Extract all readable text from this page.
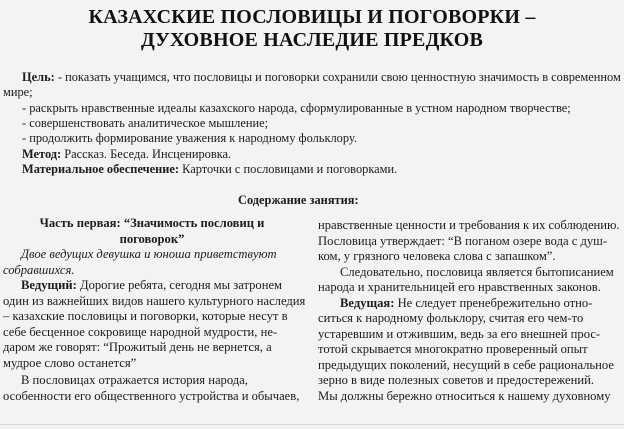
КАЗАХСКИЕ ПОСЛОВИЦЫ И ПОГОВОРКИ –
ДУХОВНОЕ НАСЛЕДИЕ ПРЕДКОВ
Цель: - показать учащимся, что пословицы и поговорки сохранили свою ценностную значимость в современном
мире;
- раскрыть нравственные идеалы казахского народа, сформулированные в устном народном творчестве;
- совершенствовать аналитическое мышление;
- продолжить формирование уважения к народному фольклору.
Метод: Рассказ. Беседа. Инсценировка.
Материальное обеспечение: Карточки с пословицами и поговорками.
Содержание занятия:
Часть первая: “Значимость пословиц и
поговорок”
Двое ведущих девушка и юноша приветствуют
собравшихся.
Ведущий: Дорогие ребята, сегодня мы затронем
один из важнейших видов нашего культурного наследия
– казахские пословицы и поговорки, которые несут в
себе бесценное сокровище народной мудрости, не-
даром же говорят: “Прожитый день не вернется, а
мудрое слово останется”
В пословицах отражается история народа,
особенности его общественного устройства и обычаев,
нравственные ценности и требования к их соблюдению.
Пословица утверждает: “В поганом озере вода с душ-
ком, у грязного человека слова с запашком”.
Следовательно, пословица является бытописанием
народа и хранительницей его нравственных законов.
Ведущая: Не следует пренебрежительно отно-
ситься к народному фольклору, считая его чем-то
устаревшим и отжившим, ведь за его внешней прос-
тотой скрывается многократно проверенный опыт
предыдущих поколений, несущий в себе рациональное
зерно в виде полезных советов и предостережений.
Мы должны бережно относиться к нашему духовному
